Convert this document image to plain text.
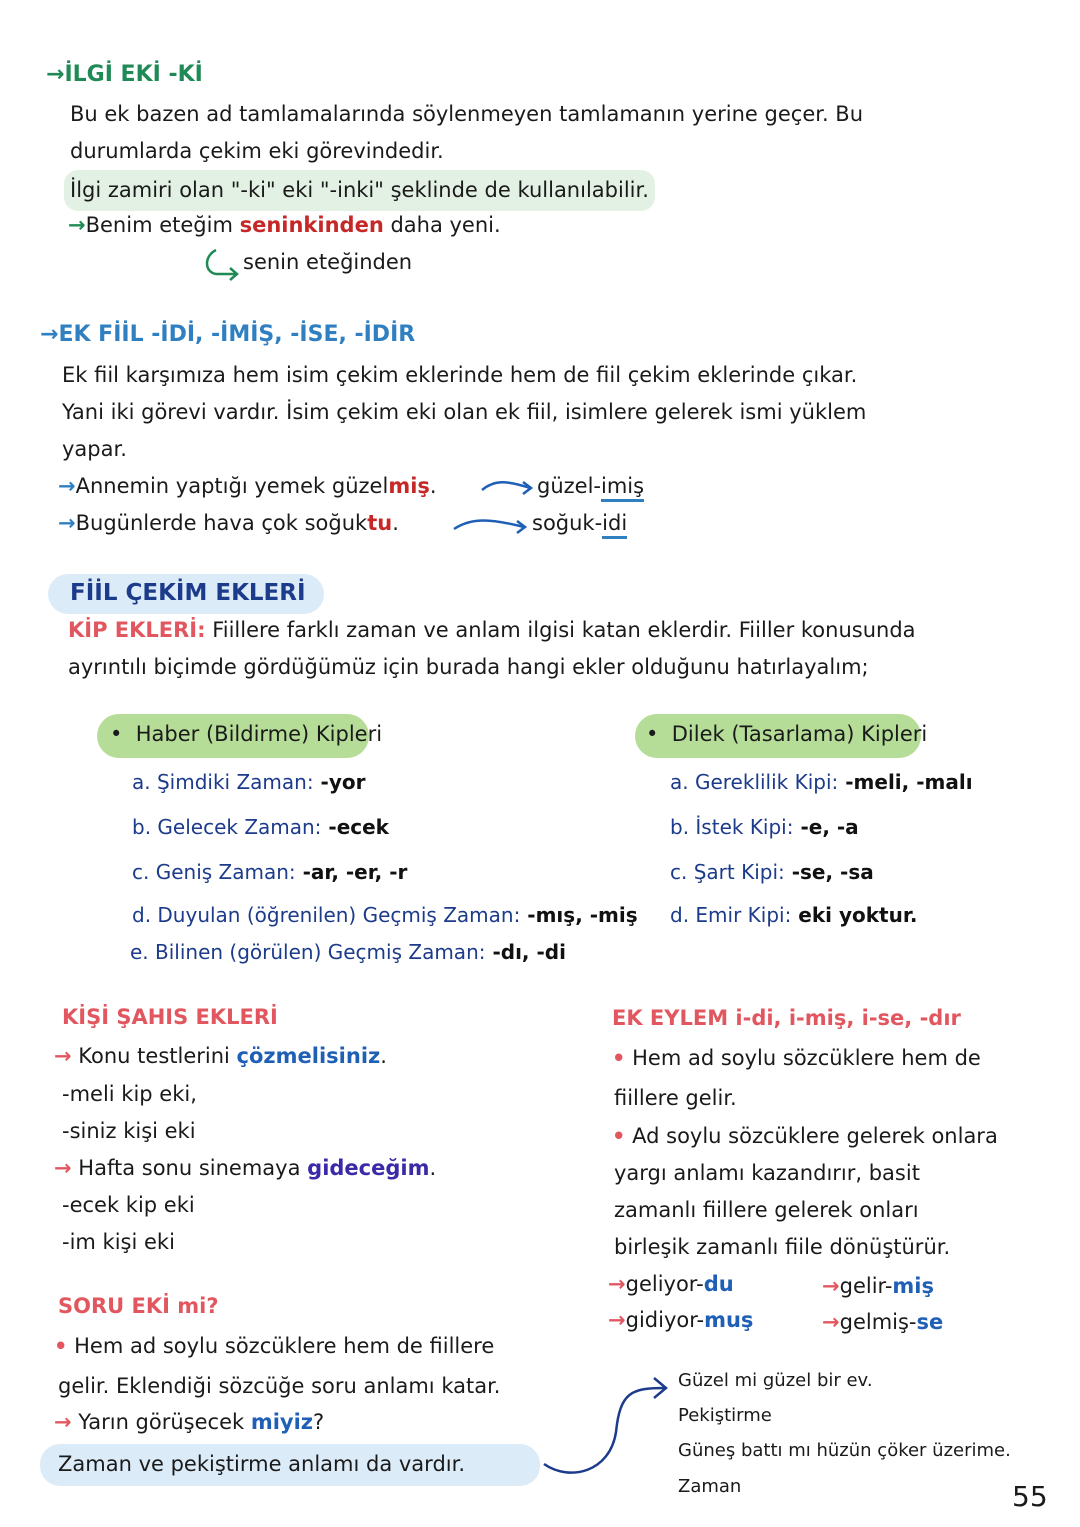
→İLGİ EKİ -Kİ
Bu ek bazen ad tamlamalarında söylenmeyen tamlamanın yerine geçer. Bu
durumlarda çekim eki görevindedir.
İlgi zamiri olan "-ki" eki "-inki" şeklinde de kullanılabilir.
→Benim eteğim seninkinden daha yeni.
senin eteğinden
→EK FİİL -İDİ, -İMİŞ, -İSE, -İDİR
Ek fiil karşımıza hem isim çekim eklerinde hem de fiil çekim eklerinde çıkar.
Yani iki görevi vardır. İsim çekim eki olan ek fiil, isimlere gelerek ismi yüklem
yapar.
→Annemin yaptığı yemek güzelmiş.	güzel-imiş
→Bugünlerde hava çok soğuktu.	soğuk-idi
FİİL ÇEKİM EKLERİ
KİP EKLERİ: Fiillere farklı zaman ve anlam ilgisi katan eklerdir. Fiiller konusunda
ayrıntılı biçimde gördüğümüz için burada hangi ekler olduğunu hatırlayalım;
• Haber (Bildirme) Kipleri
a. Şimdiki Zaman: -yor
b. Gelecek Zaman: -ecek
c. Geniş Zaman: -ar, -er, -r
d. Duyulan (öğrenilen) Geçmiş Zaman: -mış, -miş
e. Bilinen (görülen) Geçmiş Zaman: -dı, -di
• Dilek (Tasarlama) Kipleri
a. Gereklilik Kipi: -meli, -malı
b. İstek Kipi: -e, -a
c. Şart Kipi: -se, -sa
d. Emir Kipi: eki yoktur.
KİŞİ ŞAHIS EKLERİ
→ Konu testlerini çözmelisiniz.
-meli kip eki,
-siniz kişi eki
→ Hafta sonu sinemaya gideceğim.
-ecek kip eki
-im kişi eki
SORU EKİ mi?
• Hem ad soylu sözcüklere hem de fiillere
gelir. Eklendiği sözcüğe soru anlamı katar.
→ Yarın görüşecek miyiz?
Zaman ve pekiştirme anlamı da vardır.
EK EYLEM i-di, i-miş, i-se, -dır
• Hem ad soylu sözcüklere hem de
fiillere gelir.
• Ad soylu sözcüklere gelerek onlara
yargı anlamı kazandırır, basit
zamanlı fiillere gelerek onları
birleşik zamanlı fiile dönüştürür.
→geliyor-du	→gelir-miş
→gidiyor-muş	→gelmiş-se
Güzel mi güzel bir ev.
Pekiştirme
Güneş battı mı hüzün çöker üzerime.
Zaman	55
